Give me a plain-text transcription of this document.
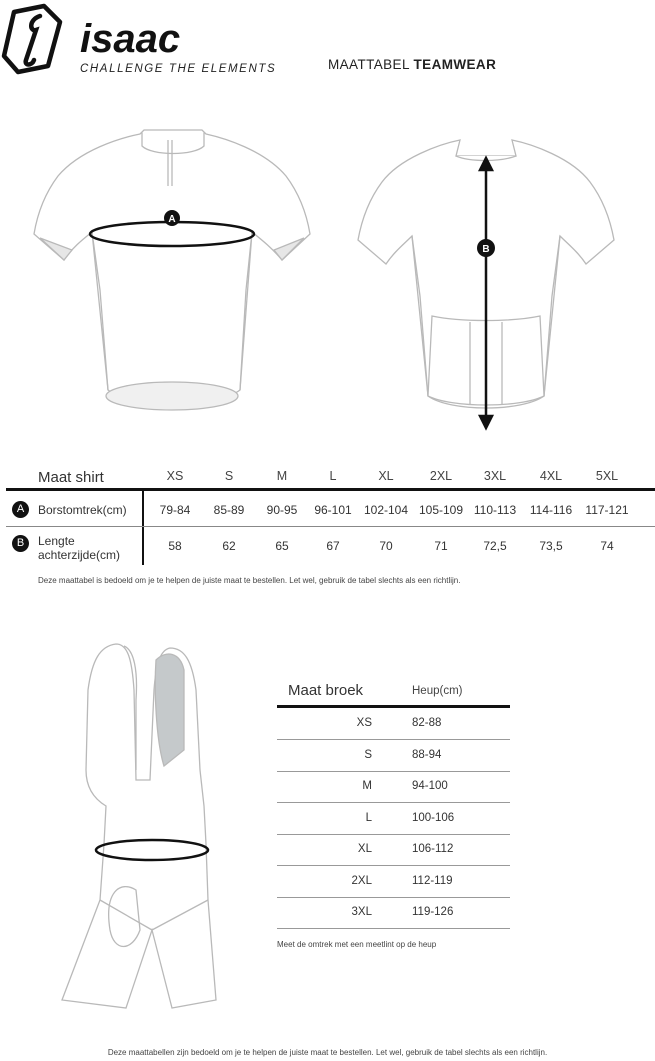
isaac
CHALLENGE THE ELEMENTS	MAATTABEL TEAMWEAR
A
B
Maat shirt	XS	S	M	L	XL	2XL	3XL	4XL	5XL
A	Borstomtrek(cm)	79-84	85-89	90-95	96-101	102-104 105-109 110-113	114-116	117-121
B	Lengte
achterzijde(cm)
58	62	65	67	70	71	72,5	73,5	74
Deze maattabel is bedoeld om je te helpen de juiste maat te bestellen. Let wel, gebruik de tabel slechts als een richtlijn.
Maat broek	Heup(cm)
XS	82-88
S	88-94
M	94-100
L	100-106
XL	106-112
2XL	112-119
3XL	119-126
Meet de omtrek met een meetlint op de heup
Deze maattabellen zijn bedoeld om je te helpen de juiste maat te bestellen. Let wel, gebruik de tabel slechts als een richtlijn.
